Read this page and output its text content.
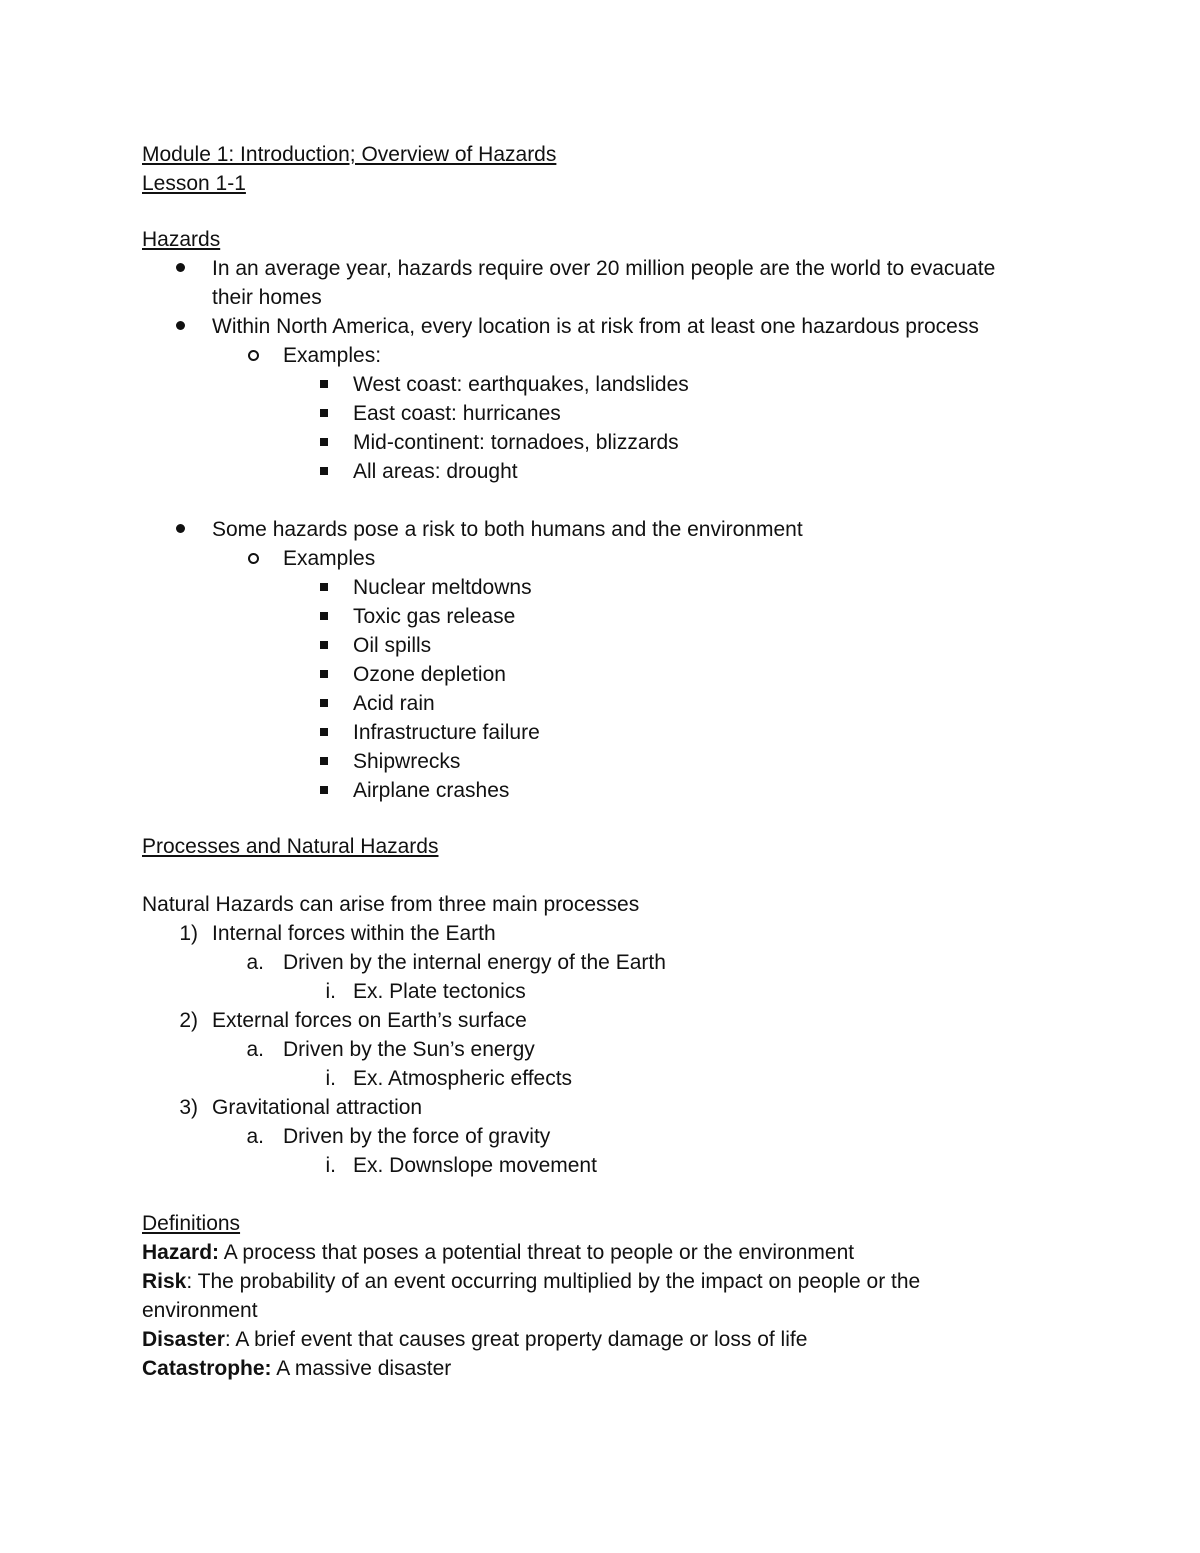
Module 1: Introduction; Overview of Hazards
Lesson 1-1
Hazards
In an average year, hazards require over 20 million people are the world to evacuate
their homes
Within North America, every location is at risk from at least one hazardous process
Examples:
West coast: earthquakes, landslides
East coast: hurricanes
Mid-continent: tornadoes, blizzards
All areas: drought
Some hazards pose a risk to both humans and the environment
Examples
Nuclear meltdowns
Toxic gas release
Oil spills
Ozone depletion
Acid rain
Infrastructure failure
Shipwrecks
Airplane crashes
Processes and Natural Hazards
Natural Hazards can arise from three main processes
1) Internal forces within the Earth
a. Driven by the internal energy of the Earth
i. Ex. Plate tectonics
2) External forces on Earth’s surface
a. Driven by the Sun’s energy
i. Ex. Atmospheric effects
3) Gravitational attraction
a. Driven by the force of gravity
i. Ex. Downslope movement
Definitions
Hazard: A process that poses a potential threat to people or the environment
Risk: The probability of an event occurring multiplied by the impact on people or the
environment
Disaster: A brief event that causes great property damage or loss of life
Catastrophe: A massive disaster
